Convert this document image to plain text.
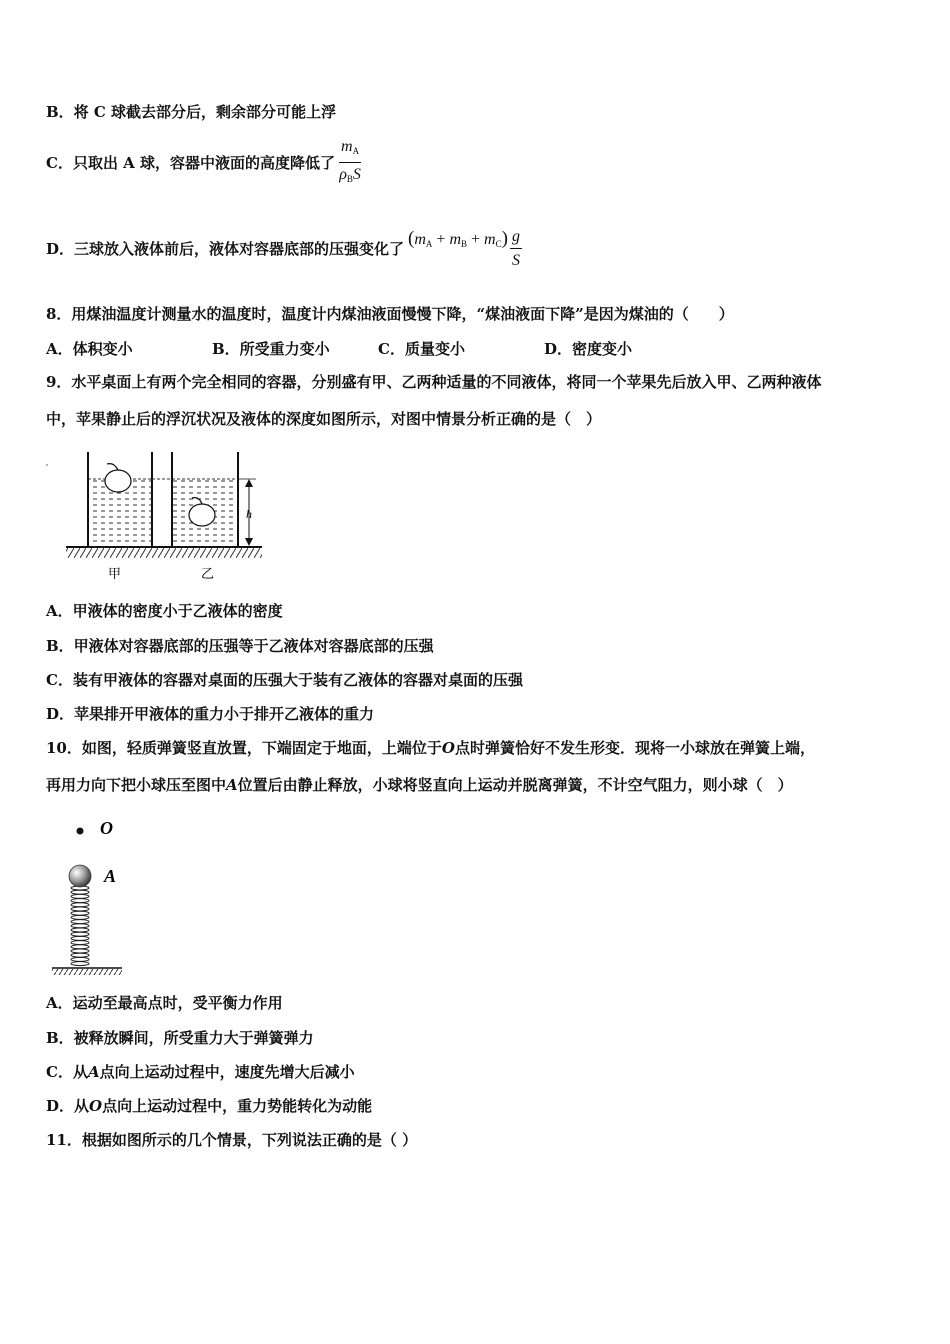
B．将 C 球截去部分后，剩余部分可能上浮
C．只取出 A 球，容器中液面的高度降低了 $\frac{m_A}{\rho_BS}$
D．三球放入液体前后，液体对容器底部的压强变化了
$(m_A + m_B + m_C) \frac{g}{S}$
8．用煤油温度计测量水的温度时，温度计内煤油液面慢慢下降，“煤油液面下降”是因为煤油的（　　）
A．体积变小	B．所受重力变小	C．质量变小	D．密度变小
9．水平桌面上有两个完全相同的容器，分别盛有甲、乙两种适量的不同液体，将同一个苹果先后放入甲、乙两种液体
中，苹果静止后的浮沉状况及液体的深度如图所示，对图中情景分析正确的是（　）
h
甲	乙
A．甲液体的密度小于乙液体的密度
B．甲液体对容器底部的压强等于乙液体对容器底部的压强
C．装有甲液体的容器对桌面的压强大于装有乙液体的容器对桌面的压强
D．苹果排开甲液体的重力小于排开乙液体的重力
10．如图，轻质弹簧竖直放置，下端固定于地面，上端位于O点时弹簧恰好不发生形变．现将一小球放在弹簧上端，
再用力向下把小球压至图中A位置后由静止释放，小球将竖直向上运动并脱离弹簧，不计空气阻力，则小球（　）
O
A
A．运动至最高点时，受平衡力作用
B．被释放瞬间，所受重力大于弹簧弹力
C．从A点向上运动过程中，速度先增大后减小
D．从O点向上运动过程中，重力势能转化为动能
11．根据如图所示的几个情景，下列说法正确的是（ ）
